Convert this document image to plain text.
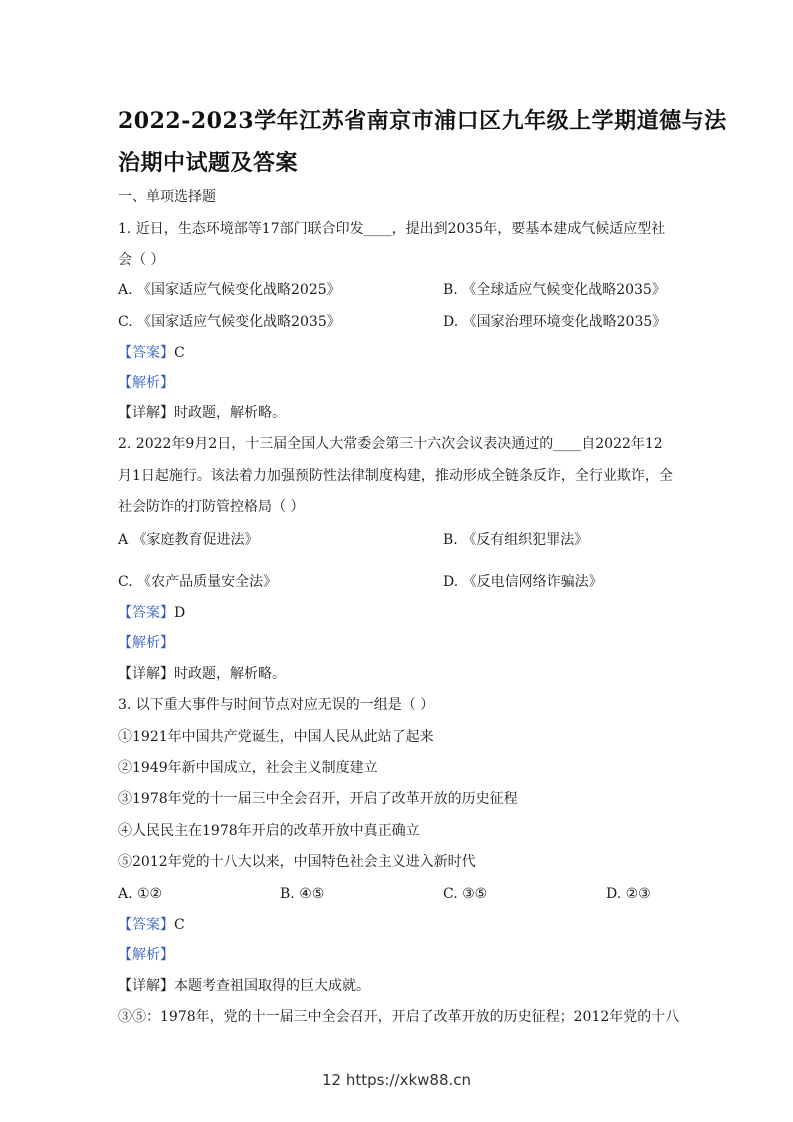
2022-2023学年江苏省南京市浦口区九年级上学期道德与法
治期中试题及答案
一、单项选择题
1. 近日，生态环境部等17部门联合印发____，提出到2035年，要基本建成气候适应型社
会（ ）
A. 《国家适应气候变化战略2025》	B. 《全球适应气候变化战略2035》
C. 《国家适应气候变化战略2035》	D. 《国家治理环境变化战略2035》
【答案】C
【解析】
【详解】时政题，解析略。
2. 2022年9月2日，十三届全国人大常委会第三十六次会议表决通过的____自2022年12
月1日起施行。该法着力加强预防性法律制度构建，推动形成全链条反诈，全行业欺诈，全
社会防诈的打防管控格局（ ）
A 《家庭教育促进法》	B. 《反有组织犯罪法》
C. 《农产品质量安全法》	D. 《反电信网络诈骗法》
【答案】D
【解析】
【详解】时政题，解析略。
3. 以下重大事件与时间节点对应无误的一组是（ ）
①1921年中国共产党诞生，中国人民从此站了起来
②1949年新中国成立，社会主义制度建立
③1978年党的十一届三中全会召开，开启了改革开放的历史征程
④人民民主在1978年开启的改革开放中真正确立
⑤2012年党的十八大以来，中国特色社会主义进入新时代
A. ①②	B. ④⑤	C. ③⑤	D. ②③
【答案】C
【解析】
【详解】本题考查祖国取得的巨大成就。
③⑤：1978年，党的十一届三中全会召开，开启了改革开放的历史征程；2012年党的十八
12 https://xkw88.cn
